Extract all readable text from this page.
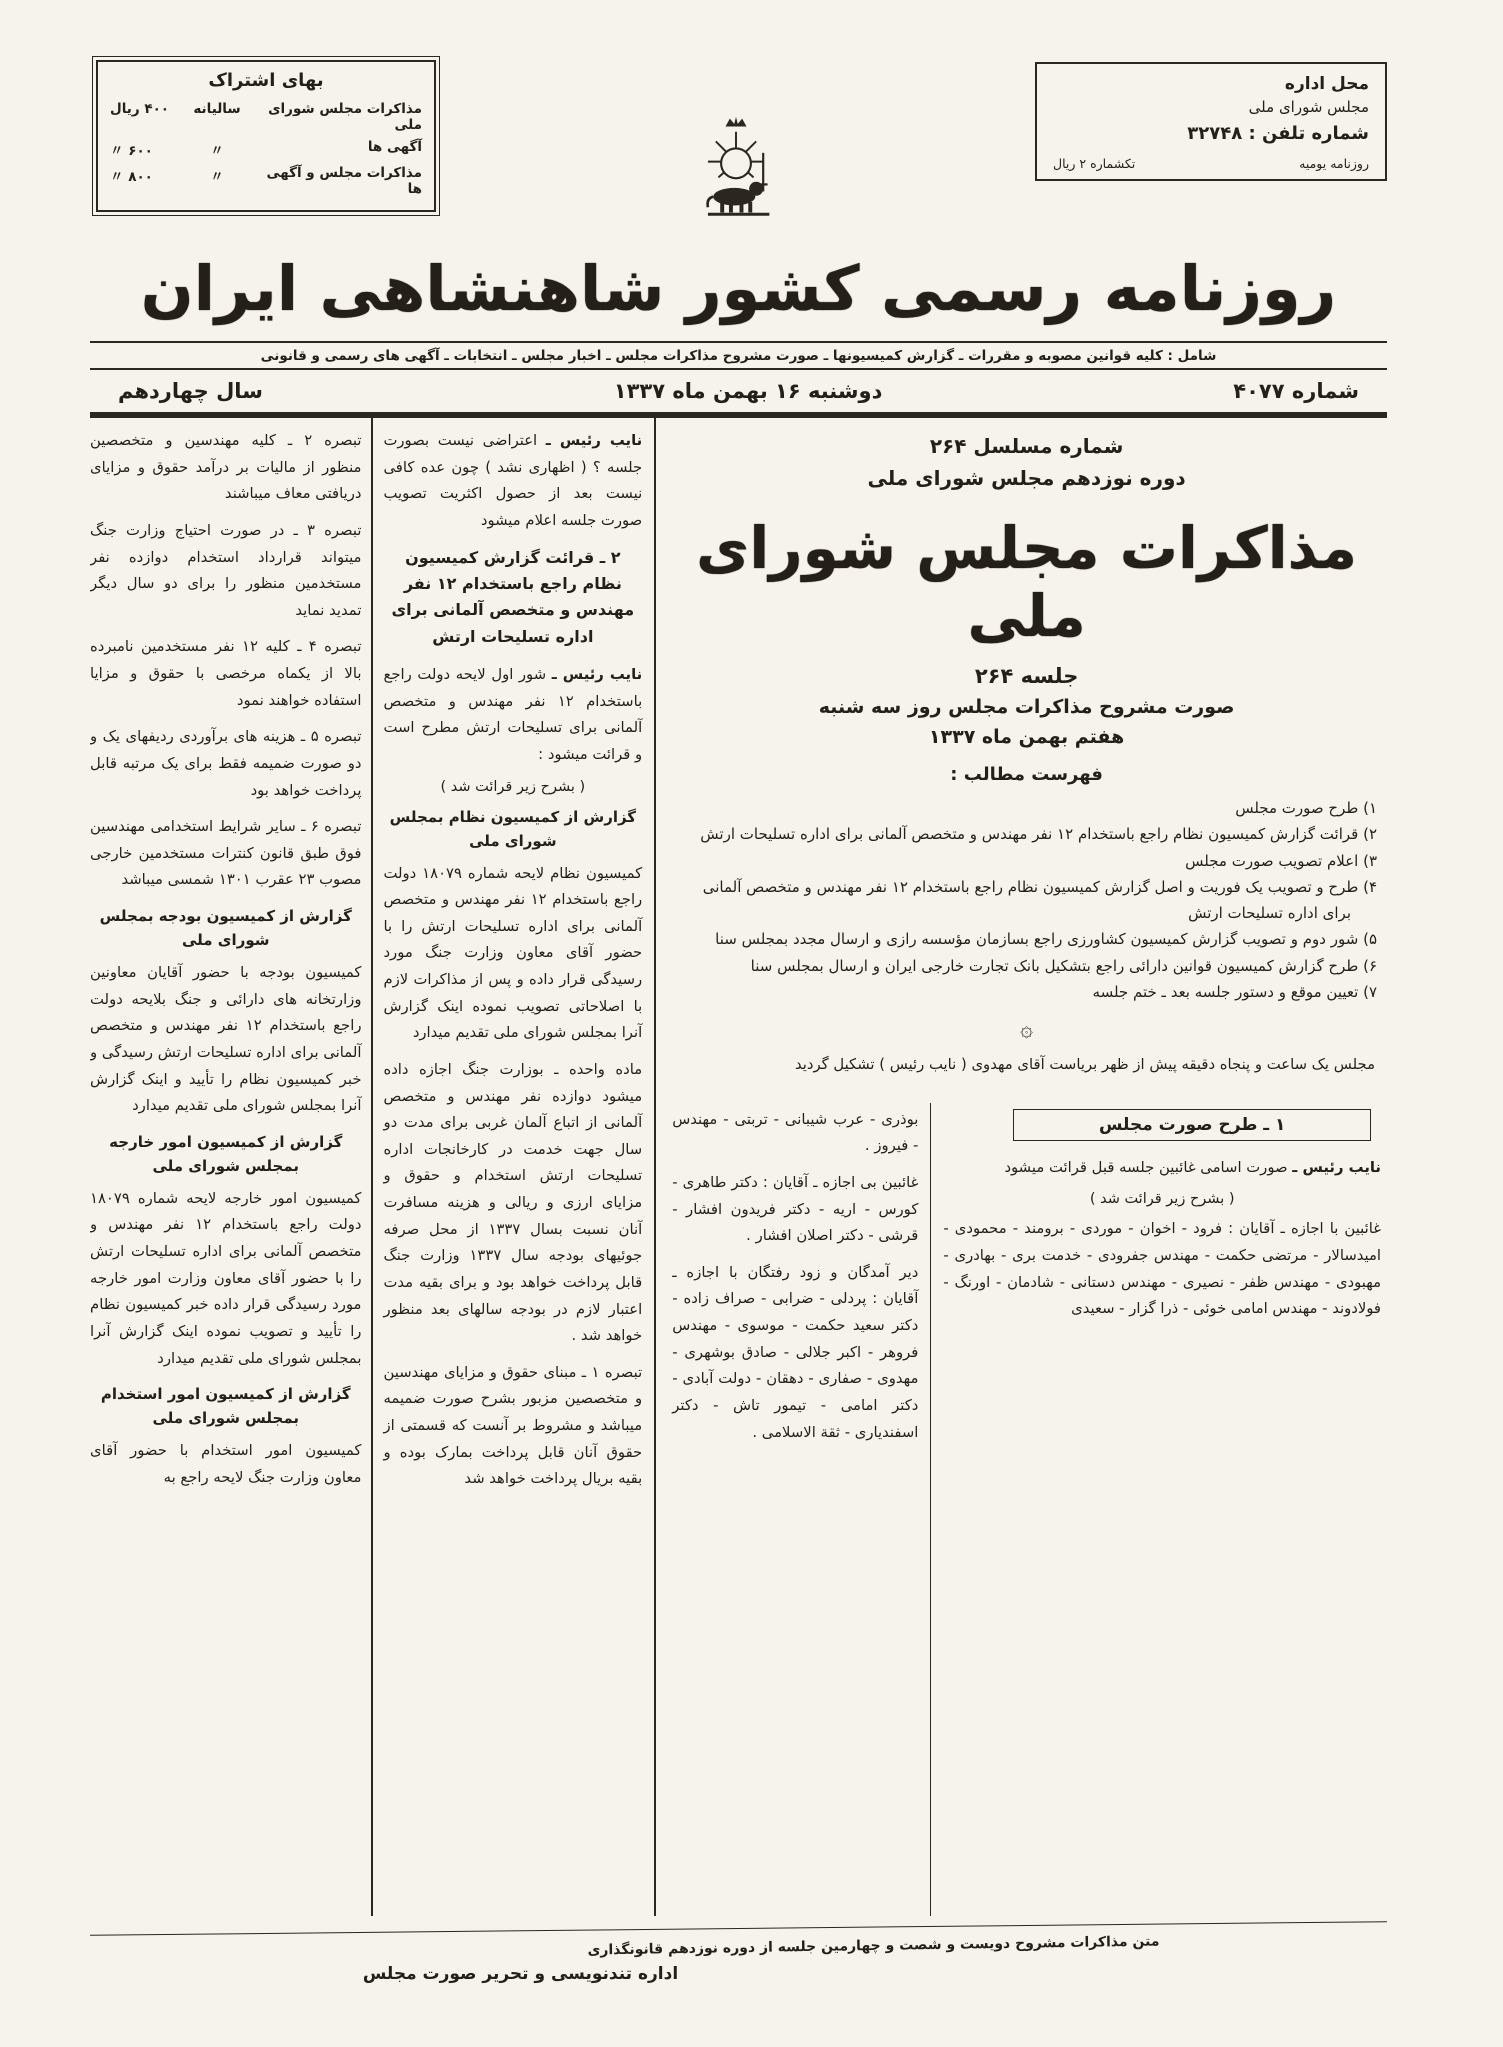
محل اداره
مجلس شورای ملی
شماره تلفن : ۳۲۷۴۸
روزنامه یومیه
تکشماره ۲ ریال
بهای اشتراک
مذاکرات مجلس شورای ملی
سالیانه
۴۰۰ ریال
آگهی ها
〃
۶۰۰ 〃
مذاکرات مجلس و آگهی ها
〃
۸۰۰ 〃
روزنامه رسمی کشور شاهنشاهی ایران
شامل : کلیه قوانین مصوبه و مقررات ـ گزارش کمیسیونها ـ صورت مشروح مذاکرات مجلس ـ اخبار مجلس ـ انتخابات ـ آگهی های رسمی و قانونی
شماره ۴۰۷۷
دوشنبه ۱۶ بهمن ماه ۱۳۳۷
سال چهاردهم
شماره مسلسل ۲۶۴
دوره نوزدهم مجلس شورای ملی
مذاکرات مجلس شورای ملی
جلسه ۲۶۴
صورت مشروح مذاکرات مجلس روز سه شنبه
هفتم بهمن ماه ۱۳۳۷
فهرست مطالب :
۱) طرح صورت مجلس
۲) قرائت گزارش کمیسیون نظام راجع باستخدام ۱۲ نفر مهندس و متخصص آلمانی برای اداره تسلیحات ارتش
۳) اعلام تصویب صورت مجلس
۴) طرح و تصویب یک فوریت و اصل گزارش کمیسیون نظام راجع باستخدام ۱۲ نفر مهندس و متخصص آلمانی برای اداره تسلیحات ارتش
۵) شور دوم و تصویب گزارش کمیسیون کشاورزی راجع بسازمان مؤسسه رازی و ارسال مجدد بمجلس سنا
۶) طرح گزارش کمیسیون قوانین دارائی راجع بتشکیل بانک تجارت خارجی ایران و ارسال بمجلس سنا
۷) تعیین موقع و دستور جلسه بعد ـ ختم جلسه
۞

مجلس یک ساعت و پنجاه دقیقه پیش از ظهر بریاست آقای مهدوی ( نایب رئیس ) تشکیل گردید

۱ ـ طرح صورت مجلس

نایب رئیس ـ صورت اسامی غائبین جلسه قبل قرائت میشود

( بشرح زیر قرائت شد )

غائبین با اجازه ـ آقایان : فرود - اخوان - موردی - برومند - محمودی - امیدسالار - مرتضی حکمت - مهندس جفرودی - خدمت بری - بهادری - مهبودی - مهندس ظفر - نصیری - مهندس دستانی - شادمان - اورنگ - فولادوند - مهندس امامی خوئی - ذرا گزار - سعیدی

بوذری - عرب شیبانی - تربتی - مهندس - فیروز .

غائبین بی اجازه ـ آقایان : دکتر طاهری - کورس - اریه - دکتر فریدون افشار - قرشی - دکتر اصلان افشار .

دیر آمدگان و زود رفتگان با اجازه ـ آقایان : پردلی - ضرابی - صراف زاده - دکتر سعید حکمت - موسوی - مهندس فروهر - اکبر جلالی - صادق بوشهری - مهدوی - صفاری - دهقان - دولت آبادی - دکتر امامی - تیمور تاش - دکتر اسفندیاری - ثقة الاسلامی .

نایب رئیس ـ اعتراضی نیست بصورت جلسه ؟ ( اظهاری نشد ) چون عده کافی نیست بعد از حصول اکثریت تصویب صورت جلسه اعلام میشود

۲ ـ قرائت گزارش کمیسیون نظام راجع باستخدام ۱۲ نفر مهندس و متخصص آلمانی برای اداره تسلیحات ارتش

نایب رئیس ـ شور اول لایحه دولت راجع باستخدام ۱۲ نفر مهندس و متخصص آلمانی برای تسلیحات ارتش مطرح است و قرائت میشود :

( بشرح زیر قرائت شد )

گزارش از کمیسیون نظام بمجلس شورای ملی

کمیسیون نظام لایحه شماره ۱۸۰۷۹ دولت راجع باستخدام ۱۲ نفر مهندس و متخصص آلمانی برای اداره تسلیحات ارتش را با حضور آقای معاون وزارت جنگ مورد رسیدگی قرار داده و پس از مذاکرات لازم با اصلاحاتی تصویب نموده اینک گزارش آنرا بمجلس شورای ملی تقدیم میدارد

ماده واحده ـ بوزارت جنگ اجازه داده میشود دوازده نفر مهندس و متخصص آلمانی از اتباع آلمان غربی برای مدت دو سال جهت خدمت در کارخانجات اداره تسلیحات ارتش استخدام و حقوق و مزایای ارزی و ریالی و هزینه مسافرت آنان نسبت بسال ۱۳۳۷ از محل صرفه جوئیهای بودجه سال ۱۳۳۷ وزارت جنگ قابل پرداخت خواهد بود و برای بقیه مدت اعتبار لازم در بودجه سالهای بعد منظور خواهد شد .

تبصره ۱ ـ مبنای حقوق و مزایای مهندسین و متخصصین مزبور بشرح صورت ضمیمه میباشد و مشروط بر آنست که قسمتی از حقوق آنان قابل پرداخت بمارک بوده و بقیه بریال پرداخت خواهد شد

تبصره ۲ ـ کلیه مهندسین و متخصصین منظور از مالیات بر درآمد حقوق و مزایای دریافتی معاف میباشند

تبصره ۳ ـ در صورت احتیاج وزارت جنگ میتواند قرارداد استخدام دوازده نفر مستخدمین منظور را برای دو سال دیگر تمدید نماید

تبصره ۴ ـ کلیه ۱۲ نفر مستخدمین نامبرده بالا از یکماه مرخصی با حقوق و مزایا استفاده خواهند نمود

تبصره ۵ ـ هزینه های برآوردی ردیفهای یک و دو صورت ضمیمه فقط برای یک مرتبه قابل پرداخت خواهد بود

تبصره ۶ ـ سایر شرایط استخدامی مهندسین فوق طبق قانون کنترات مستخدمین خارجی مصوب ۲۳ عقرب ۱۳۰۱ شمسی میباشد

گزارش از کمیسیون بودجه بمجلس شورای ملی

کمیسیون بودجه با حضور آقایان معاونین وزارتخانه های دارائی و جنگ بلایحه دولت راجع باستخدام ۱۲ نفر مهندس و متخصص آلمانی برای اداره تسلیحات ارتش رسیدگی و خبر کمیسیون نظام را تأیید و اینک گزارش آنرا بمجلس شورای ملی تقدیم میدارد

گزارش از کمیسیون امور خارجه بمجلس شورای ملی

کمیسیون امور خارجه لایحه شماره ۱۸۰۷۹ دولت راجع باستخدام ۱۲ نفر مهندس و متخصص آلمانی برای اداره تسلیحات ارتش را با حضور آقای معاون وزارت امور خارجه مورد رسیدگی قرار داده خبر کمیسیون نظام را تأیید و تصویب نموده اینک گزارش آنرا بمجلس شورای ملی تقدیم میدارد

گزارش از کمیسیون امور استخدام بمجلس شورای ملی

کمیسیون امور استخدام با حضور آقای معاون وزارت جنگ لایحه راجع به

متن مذاکرات مشروح دویست و شصت و چهارمین جلسه از دوره نوزدهم قانونگذاری
اداره تندنویسی و تحریر صورت مجلس
